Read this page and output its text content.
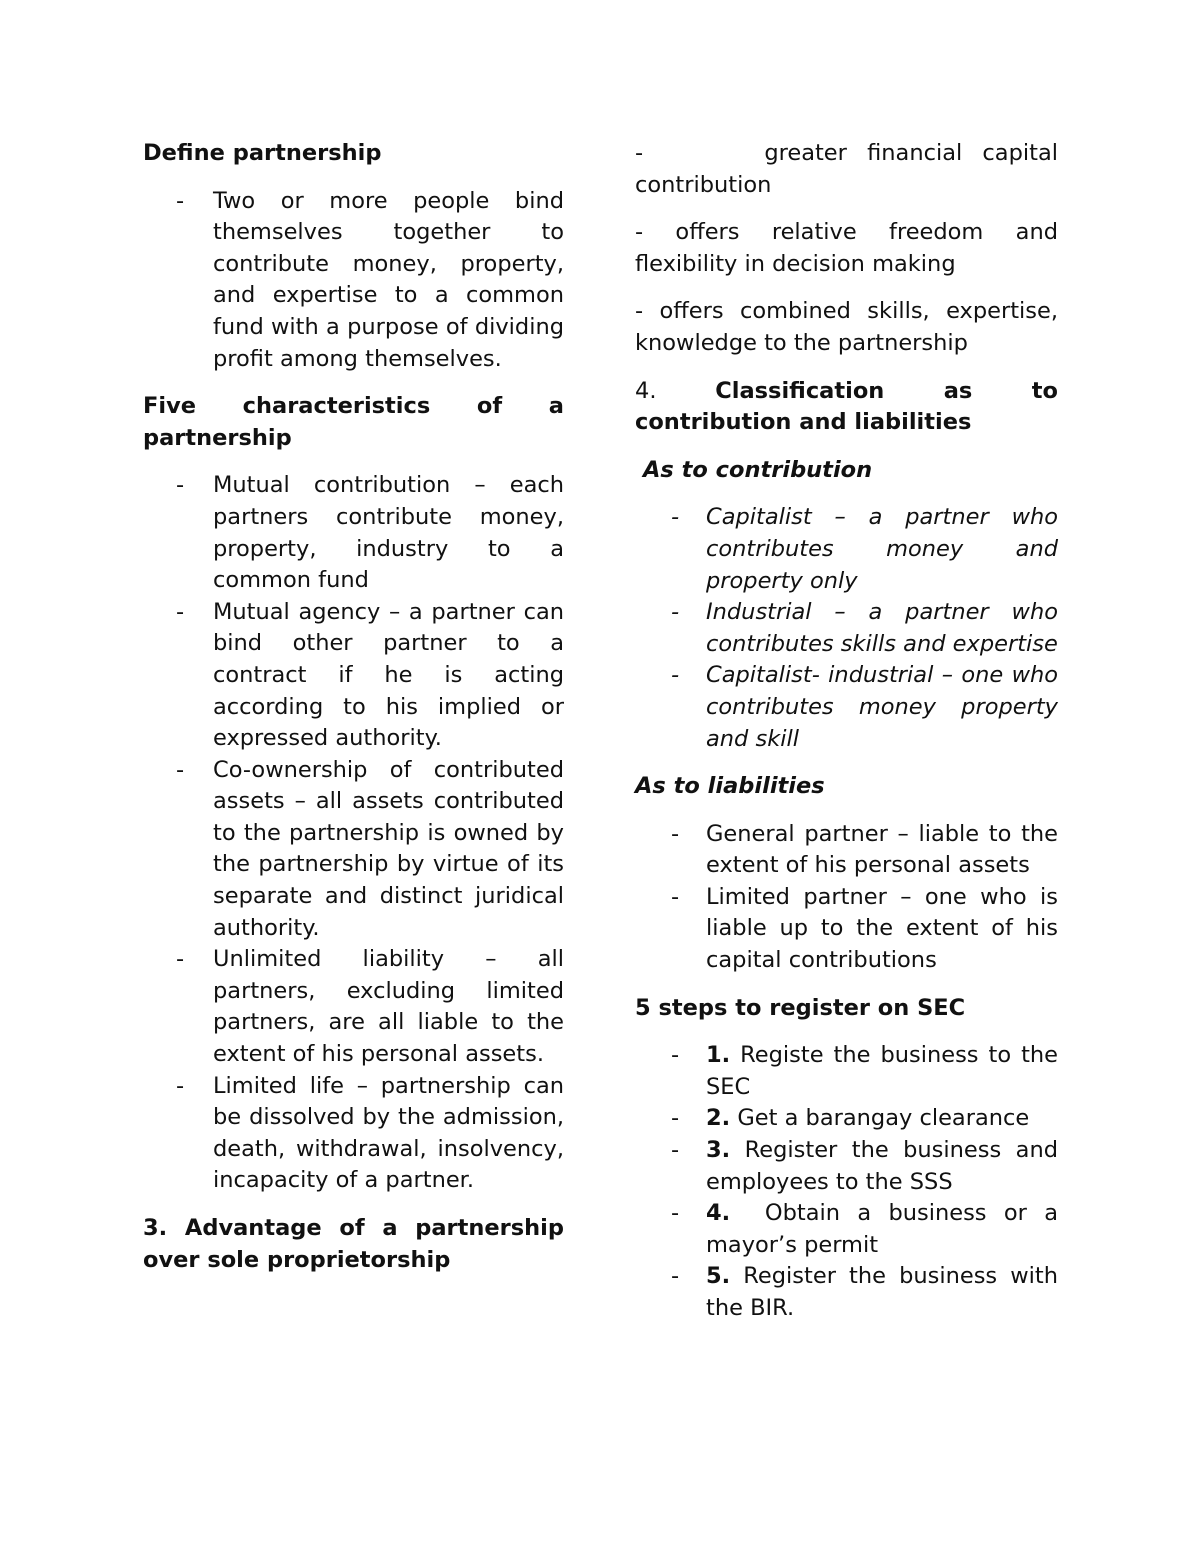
Define partnership
- Two or more people bind themselves together to contribute money, property, and expertise to a common fund with a purpose of dividing profit among themselves.
Five characteristics of a partnership
- Mutual contribution – each partners contribute money, property, industry to a common fund
- Mutual agency – a partner can bind other partner to a contract if he is acting according to his implied or expressed authority.
- Co-ownership of contributed assets – all assets contributed to the partnership is owned by the partnership by virtue of its separate and distinct juridical authority.
- Unlimited liability – all partners, excluding limited partners, are all liable to the extent of his personal assets.
- Limited life – partnership can be dissolved by the admission, death, withdrawal, insolvency, incapacity of a partner.
3. Advantage of a partnership over sole proprietorship
-      greater financial capital contribution
- offers relative freedom and flexibility in decision making
- offers combined skills, expertise, knowledge to the partnership
4.	Classification as to contribution and liabilities
As to contribution
- Capitalist – a partner who contributes money and property only
- Industrial – a partner who contributes skills and expertise
- Capitalist- industrial – one who contributes money property and skill
As to liabilities
- General partner – liable to the extent of his personal assets
- Limited partner – one who is liable up to the extent of his capital contributions
5 steps to register on SEC
- 1. Registe the business to the SEC
- 2. Get a barangay clearance
- 3. Register the business and employees to the SSS
- 4.  Obtain a business or a mayor’s permit
- 5. Register the business with the BIR.
